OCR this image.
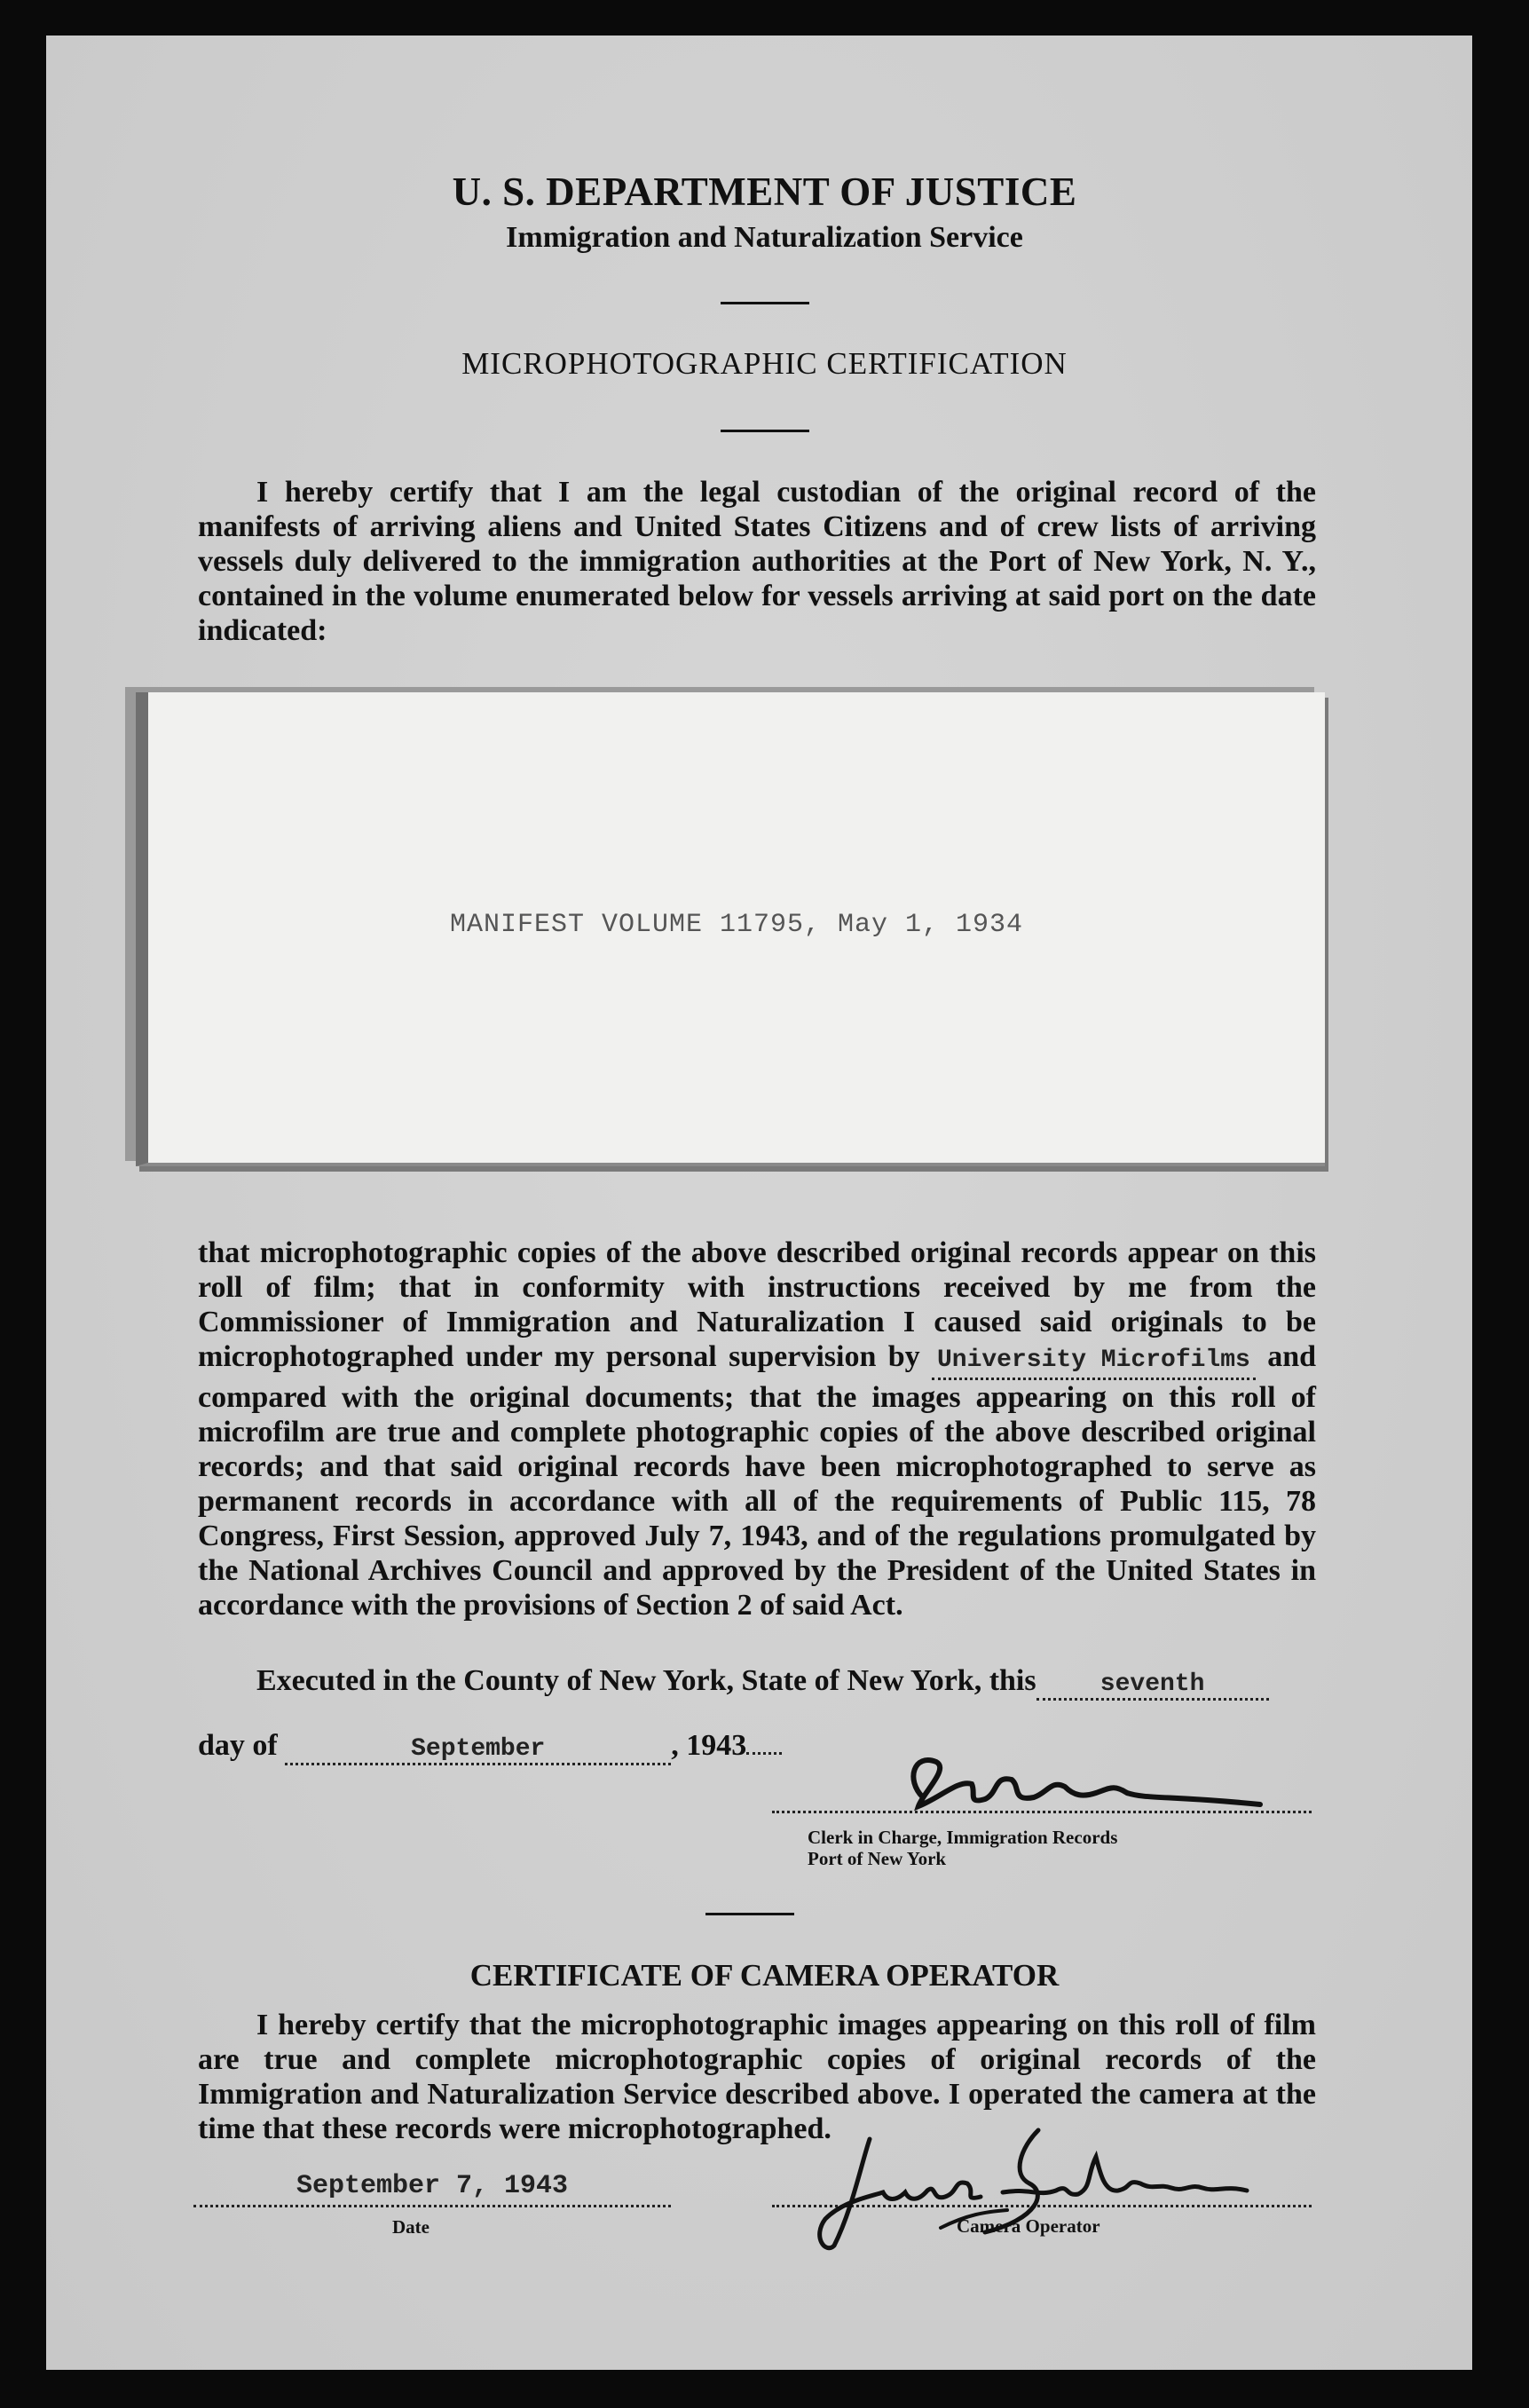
U. S. DEPARTMENT OF JUSTICE
Immigration and Naturalization Service
MICROPHOTOGRAPHIC CERTIFICATION
I hereby certify that I am the legal custodian of the original record of the manifests of arriving aliens and United States Citizens and of crew lists of arriving vessels duly delivered to the immigration authorities at the Port of New York, N. Y., contained in the volume enumerated below for vessels arriving at said port on the date indicated:
MANIFEST VOLUME 11795, May 1, 1934
that microphotographic copies of the above described original records appear on this roll of film; that in conformity with instructions received by me from the Commissioner of Immigration and Naturalization I caused said originals to be microphotographed under my personal supervision by University Microfilms and compared with the original documents; that the images appearing on this roll of microfilm are true and complete photographic copies of the above described original records; and that said original records have been microphotographed to serve as permanent records in accordance with all of the requirements of Public 115, 78 Congress, First Session, approved July 7, 1943, and of the regulations promulgated by the National Archives Council and approved by the President of the United States in accordance with the provisions of Section 2 of said Act.
Executed in the County of New York, State of New York, this	seventh
day of	September	, 1943
Clerk in Charge, Immigration Records
Port of New York
CERTIFICATE OF CAMERA OPERATOR
I hereby certify that the microphotographic images appearing on this roll of film are true and complete microphotographic copies of original records of the Immigration and Naturalization Service described above. I operated the camera at the time that these records were microphotographed.
September 7, 1943
Date	Camera Operator
